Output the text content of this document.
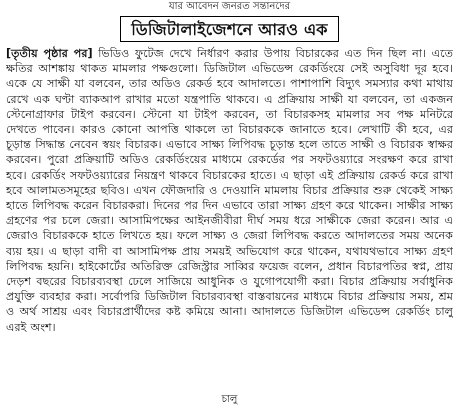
যার আবেদন জনরত সন্তানদের
ডিজিটালাইজেশনে আরও এক
[তৃতীয় পৃষ্ঠার পর] ভিডিও ফুটেজ দেখে নির্ধারণ করার উপায় বিচারকের এত দিন ছিল না। এতে ক্ষতির আশঙ্কায় থাকত মামলার পক্ষগুলো। ডিজিটাল এভিডেন্স রেকর্ডিংয়ে সেই অসুবিধা দূর হবে। একে যে সাক্ষী যা বলবেন, তার অডিও রেকর্ড হবে আদালতে। পাশাপাশি বিদ্যুৎ সমস্যার কথা মাথায় রেখে এক ঘণ্টা ব্যাকআপ রাখার মতো যন্ত্রপাতি থাকবে। এ প্রক্রিয়ায় সাক্ষী যা বলবেন, তা একজন স্টেনোগ্রাফার টাইপ করবেন। স্টেনো যা টাইপ করবেন, তা বিচারকসহ মামলার সব পক্ষ মনিটরে দেখতে পাবেন। কারও কোনো আপত্তি থাকলে তা বিচারককে জানাতে হবে। লেখাটি কী হবে, এর চূড়ান্ত সিদ্ধান্ত নেবেন স্বয়ং বিচারক। এভাবে সাক্ষ্য লিপিবদ্ধ চূড়ান্ত হলে তাতে সাক্ষী ও বিচারক স্বাক্ষর করবেন। পুরো প্রক্রিয়াটি অডিও রেকর্ডিংয়ের মাধ্যমে রেকর্ডের পর সফটওয়্যারে সংরক্ষণ করে রাখা হবে। রেকর্ডিং সফটওয়্যারের নিয়ন্ত্রণ থাকবে বিচারকের হাতে। এ ছাড়া এই প্রক্রিয়ায় রেকর্ড করে রাখা হবে আলামতসমূহের ছবিও। এখন ফৌজদারি ও দেওয়ানি মামলায় বিচার প্রক্রিয়ার শুরু থেকেই সাক্ষ্য হাতে লিপিবদ্ধ করেন বিচারকরা। দিনের পর দিন এভাবে তারা সাক্ষ্য গ্রহণ করে থাকেন। সাক্ষীর সাক্ষ্য গ্রহণের পর চলে জেরা। আসামিপক্ষের আইনজীবীরা দীর্ঘ সময় ধরে সাক্ষীকে জেরা করেন। আর এ জেরাও বিচারককে হাতে লিখতে হয়। ফলে সাক্ষ্য ও জেরা লিপিবদ্ধ করতে আদালতের সময় অনেক ব্যয় হয়। এ ছাড়া বাদী বা আসামিপক্ষ প্রায় সময়ই অভিযোগ করে থাকেন, যথাযথভাবে সাক্ষ্য গ্রহণ লিপিবদ্ধ হয়নি। হাইকোর্টের অতিরিক্ত রেজিস্ট্রার সাব্বির ফয়েজ বলেন, প্রধান বিচারপতির স্বপ্ন, প্রায় দেড়শ বছরের বিচারব্যবস্থা ঢেলে সাজিয়ে আধুনিক ও যুগোপযোগী করা। বিচার প্রক্রিয়ায় সর্বাধুনিক প্রযুক্তি ব্যবহার করা। সর্বোপরি ডিজিটাল বিচারব্যবস্থা বাস্তবায়নের মাধ্যমে বিচার প্রক্রিয়ায় সময়, শ্রম ও অর্থ সাশ্রয় এবং বিচারপ্রার্থীদের কষ্ট কমিয়ে আনা। আদালতে ডিজিটাল এভিডেন্স রেকর্ডিং চালু এরই অংশ।
চালু
